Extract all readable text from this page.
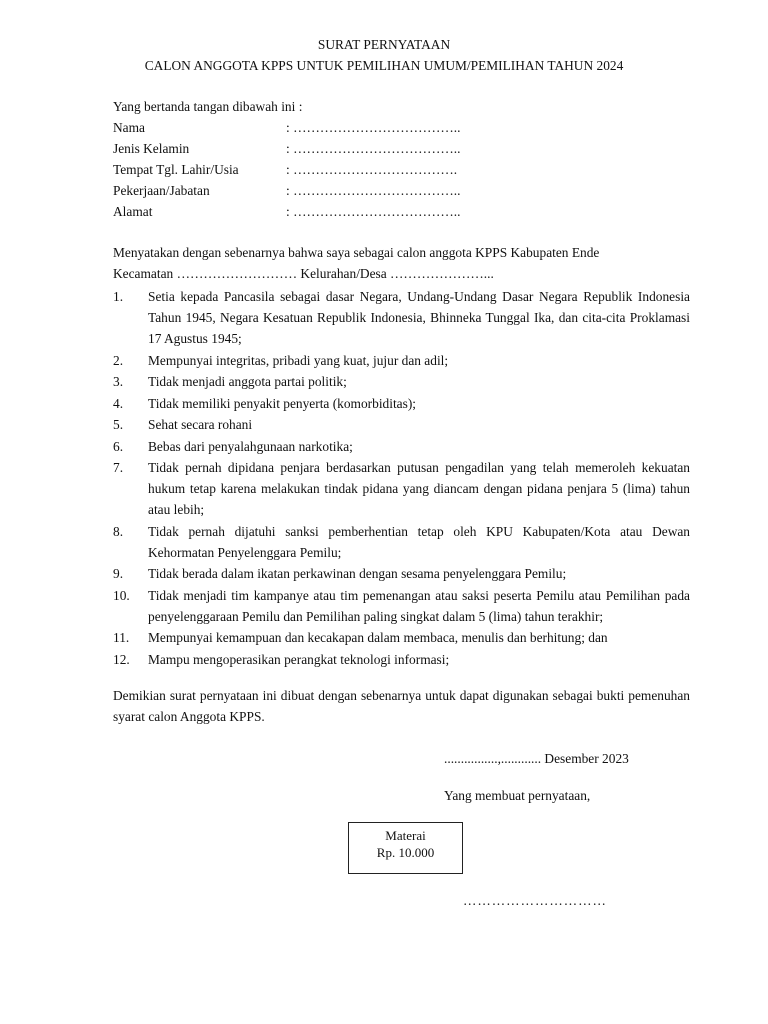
SURAT PERNYATAAN
CALON ANGGOTA KPPS UNTUK PEMILIHAN UMUM/PEMILIHAN TAHUN 2024
Yang bertanda tangan dibawah ini :
Nama	: ………………………………..
Jenis Kelamin	: ………………………………..
Tempat Tgl. Lahir/Usia	: ……………………………….
Pekerjaan/Jabatan	: ………………………………..
Alamat	: ………………………………..
Menyatakan dengan sebenarnya bahwa saya sebagai calon anggota KPPS Kabupaten Ende
Kecamatan ……………………… Kelurahan/Desa …………………...
1. Setia kepada Pancasila sebagai dasar Negara, Undang-Undang Dasar Negara Republik Indonesia Tahun 1945, Negara Kesatuan Republik Indonesia, Bhinneka Tunggal Ika, dan cita-cita Proklamasi 17 Agustus 1945;
2. Mempunyai integritas, pribadi yang kuat, jujur dan adil;
3. Tidak menjadi anggota partai politik;
4. Tidak memiliki penyakit penyerta (komorbiditas);
5. Sehat secara rohani
6. Bebas dari penyalahgunaan narkotika;
7. Tidak pernah dipidana penjara berdasarkan putusan pengadilan yang telah memeroleh kekuatan hukum tetap karena melakukan tindak pidana yang diancam dengan pidana penjara 5 (lima) tahun atau lebih;
8. Tidak pernah dijatuhi sanksi pemberhentian tetap oleh KPU Kabupaten/Kota atau Dewan Kehormatan Penyelenggara Pemilu;
9. Tidak berada dalam ikatan perkawinan dengan sesama penyelenggara Pemilu;
10. Tidak menjadi tim kampanye atau tim pemenangan atau saksi peserta Pemilu atau Pemilihan pada penyelenggaraan Pemilu dan Pemilihan paling singkat dalam 5 (lima) tahun terakhir;
11. Mempunyai kemampuan dan kecakapan dalam membaca, menulis dan berhitung; dan
12. Mampu mengoperasikan perangkat teknologi informasi;
Demikian surat pernyataan ini dibuat dengan sebenarnya untuk dapat digunakan sebagai bukti pemenuhan syarat calon Anggota KPPS.
................,............ Desember 2023
Yang membuat pernyataan,
Materai
Rp. 10.000
…………………………
